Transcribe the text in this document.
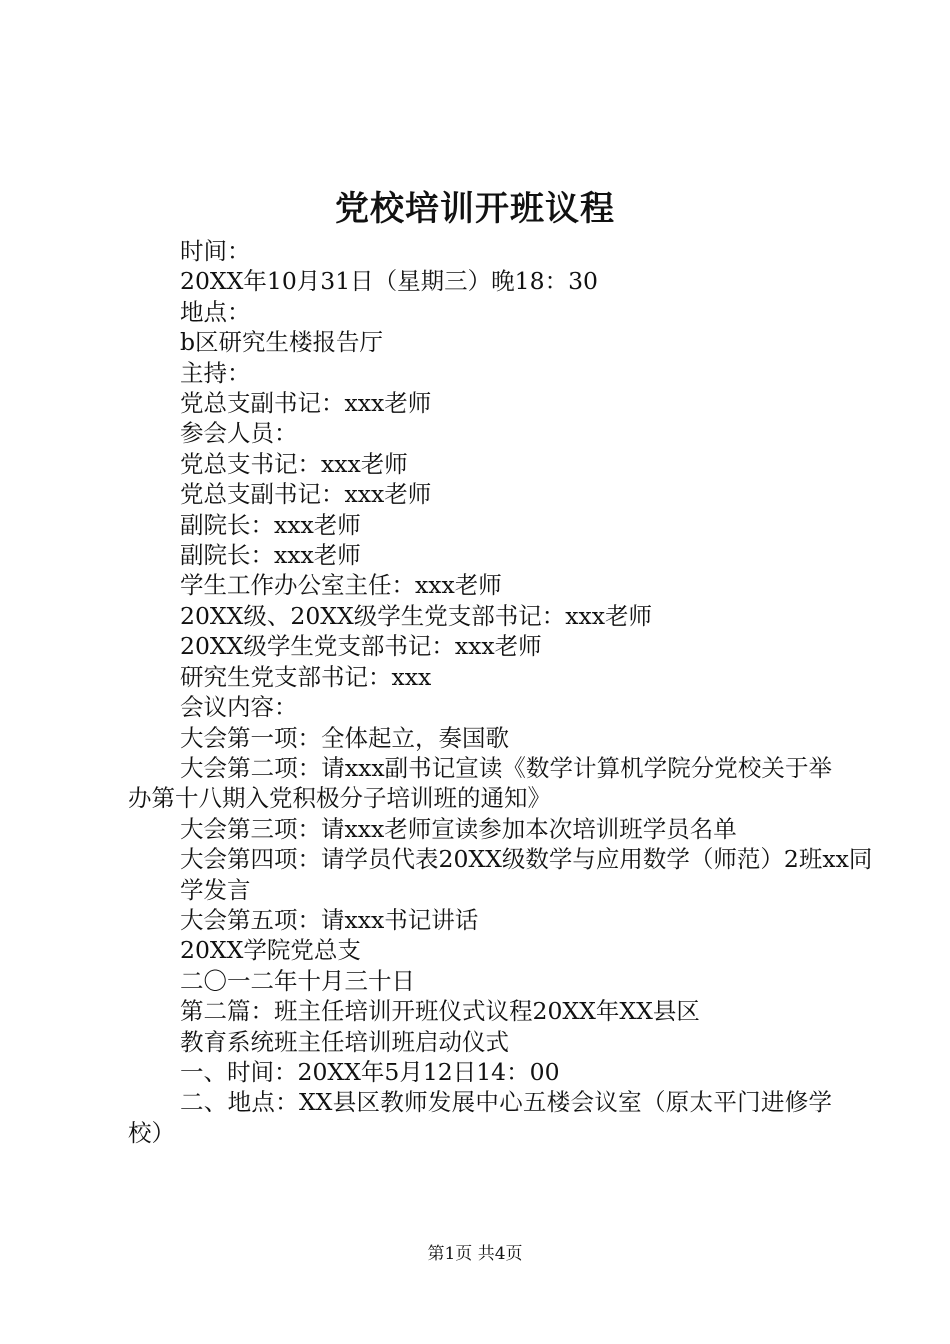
党校培训开班议程

时间：

20XX年10月31日（星期三）晚18：30

地点：

b区研究生楼报告厅

主持：

党总支副书记：xxx老师

参会人员：

党总支书记：xxx老师

党总支副书记：xxx老师

副院长：xxx老师

副院长：xxx老师

学生工作办公室主任：xxx老师

20XX级、20XX级学生党支部书记：xxx老师

20XX级学生党支部书记：xxx老师

研究生党支部书记：xxx

会议内容：

大会第一项：全体起立，奏国歌

大会第二项：请xxx副书记宣读《数学计算机学院分党校关于举办第十八期入党积极分子培训班的通知》

大会第三项：请xxx老师宣读参加本次培训班学员名单

大会第四项：请学员代表20XX级数学与应用数学（师范）2班xx同

学发言

大会第五项：请xxx书记讲话

20XX学院党总支

二〇一二年十月三十日

第二篇：班主任培训开班仪式议程20XX年XX县区

教育系统班主任培训班启动仪式

一、时间：20XX年5月12日14：00

二、地点：XX县区教师发展中心五楼会议室（原太平门进修学校）

第1页 共4页
